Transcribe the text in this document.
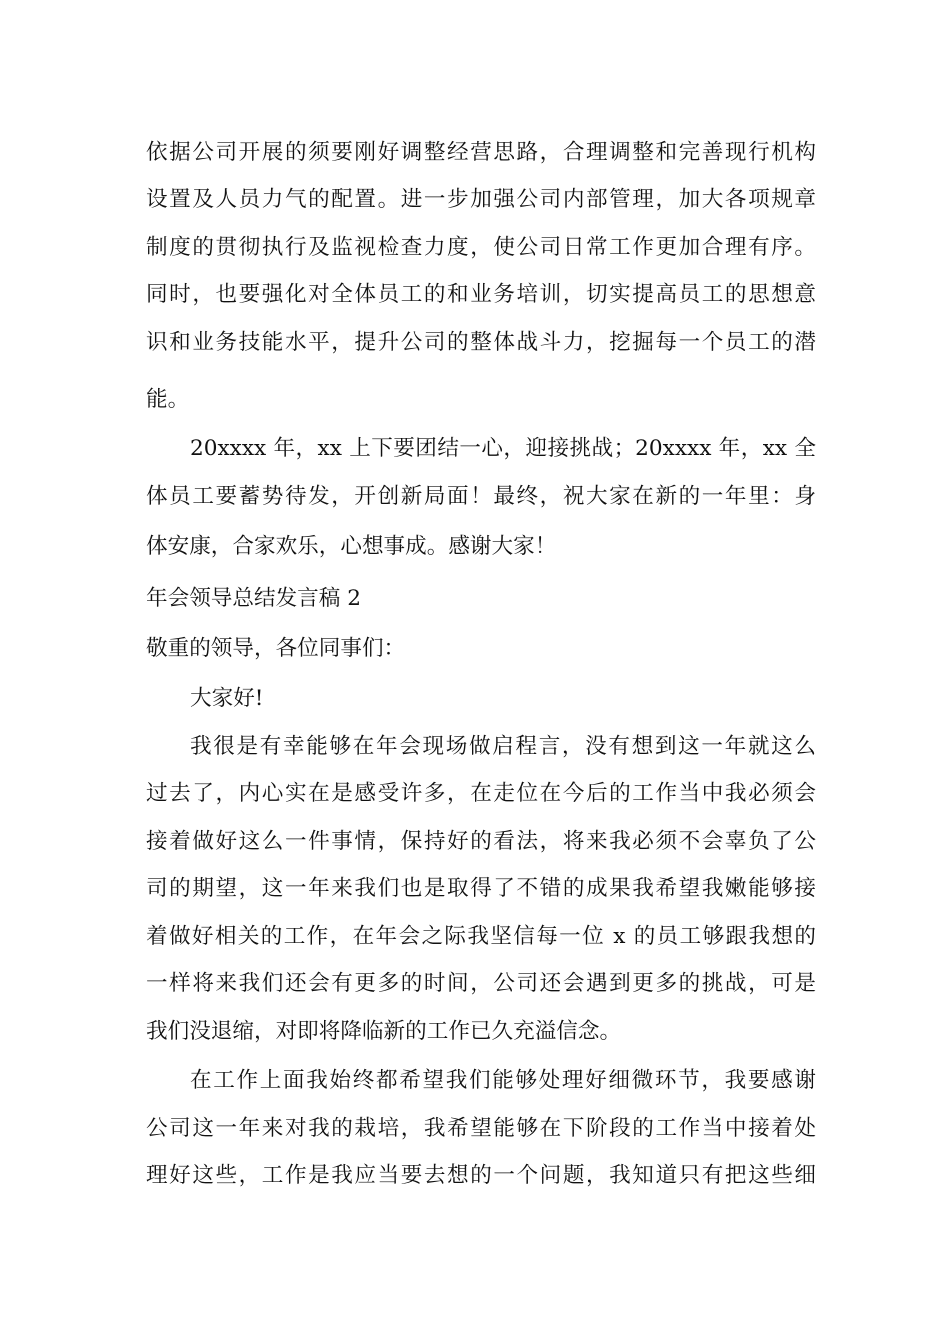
依据公司开展的须要刚好调整经营思路，合理调整和完善现行机构
设置及人员力气的配置。进一步加强公司内部管理，加大各项规章
制度的贯彻执行及监视检查力度，使公司日常工作更加合理有序。
同时，也要强化对全体员工的和业务培训，切实提高员工的思想意
识和业务技能水平，提升公司的整体战斗力，挖掘每一个员工的潜
能。
20xxxx 年，xx 上下要团结一心，迎接挑战；20xxxx 年，xx 全
体员工要蓄势待发，开创新局面！最终，祝大家在新的一年里：身
体安康，合家欢乐，心想事成。感谢大家！
年会领导总结发言稿 2
敬重的领导，各位同事们：
大家好!
我很是有幸能够在年会现场做启程言，没有想到这一年就这么
过去了，内心实在是感受许多，在走位在今后的工作当中我必须会
接着做好这么一件事情，保持好的看法，将来我必须不会辜负了公
司的期望，这一年来我们也是取得了不错的成果我希望我嫩能够接
着做好相关的工作，在年会之际我坚信每一位 x 的员工够跟我想的
一样将来我们还会有更多的时间，公司还会遇到更多的挑战，可是
我们没退缩，对即将降临新的工作已久充溢信念。
在工作上面我始终都希望我们能够处理好细微环节，我要感谢
公司这一年来对我的栽培，我希望能够在下阶段的工作当中接着处
理好这些，工作是我应当要去想的一个问题，我知道只有把这些细
